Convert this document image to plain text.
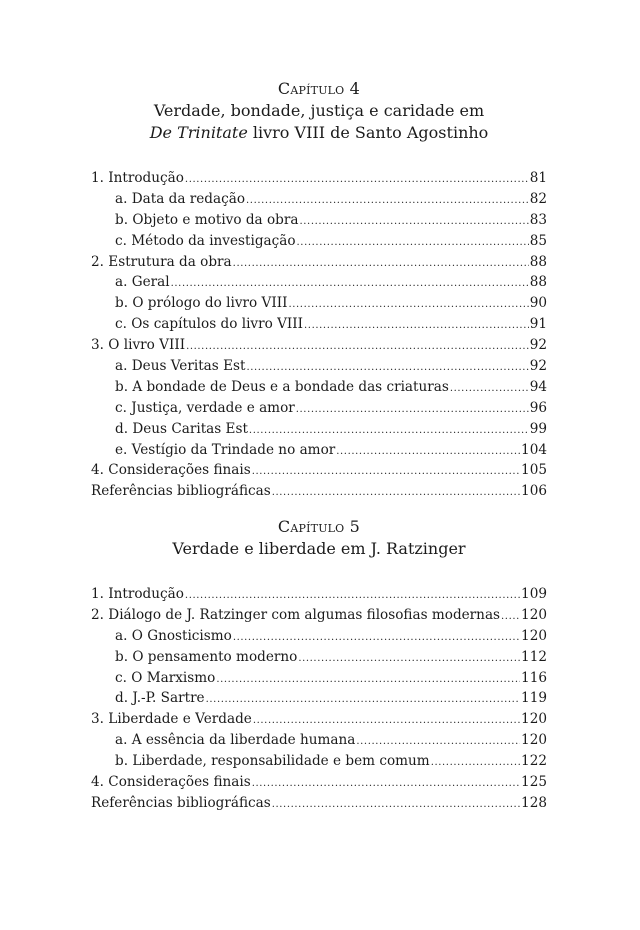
Capítulo 4
Verdade, bondade, justiça e caridade em
De Trinitate livro VIII de Santo Agostinho
1. Introdução .....	81
a. Data da redação .....	82
b. Objeto e motivo da obra .....	83
c. Método da investigação .....	85
2. Estrutura da obra .....	88
a. Geral .....	88
b. O prólogo do livro VIII .....	90
c. Os capítulos do livro VIII .....	91
3. O livro VIII .....	92
a. Deus Veritas Est .....	92
b. A bondade de Deus e a bondade das criaturas .....	94
c. Justiça, verdade e amor .....	96
d. Deus Caritas Est .....	99
e. Vestígio da Trindade no amor .....	104
4. Considerações finais .....	105
Referências bibliográficas .....	106
Capítulo 5
Verdade e liberdade em J. Ratzinger
1. Introdução .....	109
2. Diálogo de J. Ratzinger com algumas filosofias modernas ..... 120
a. O Gnosticismo .....	120
b. O pensamento moderno .....	112
c. O Marxismo .....	116
d. J.-P. Sartre .....	119
3. Liberdade e Verdade .....	120
a. A essência da liberdade humana .....	120
b. Liberdade, responsabilidade e bem comum .....	122
4. Considerações finais .....	125
Referências bibliográficas .....	128
